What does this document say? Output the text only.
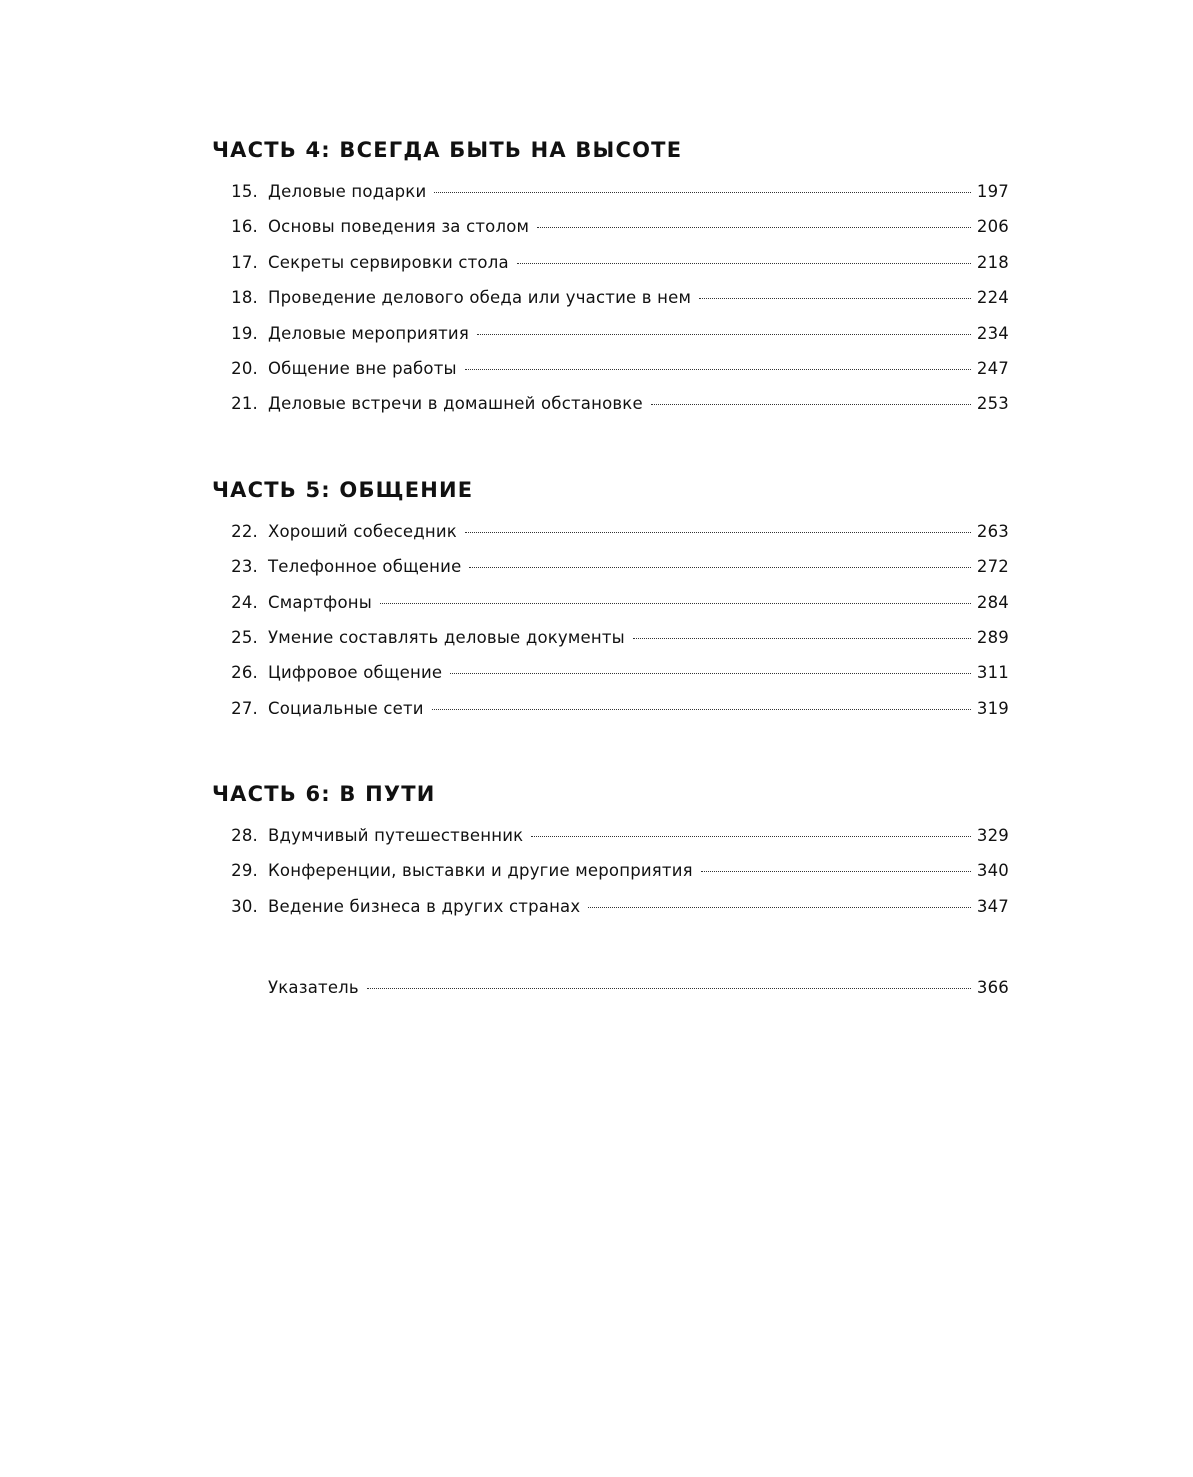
ЧАСТЬ 4: ВСЕГДА БЫТЬ НА ВЫСОТЕ
15. Деловые подарки	197
16. Основы поведения за столом	206
17. Секреты сервировки стола	218
18. Проведение делового обеда или участие в нем	224
19. Деловые мероприятия	234
20. Общение вне работы	247
21. Деловые встречи в домашней обстановке	253
ЧАСТЬ 5: ОБЩЕНИЕ
22. Хороший собеседник	263
23. Телефонное общение	272
24. Смартфоны	284
25. Умение составлять деловые документы	289
26. Цифровое общение	311
27. Социальные сети	319
ЧАСТЬ 6: В ПУТИ
28. Вдумчивый путешественник	329
29. Конференции, выставки и другие мероприятия	340
30. Ведение бизнеса в других странах	347
Указатель	366
